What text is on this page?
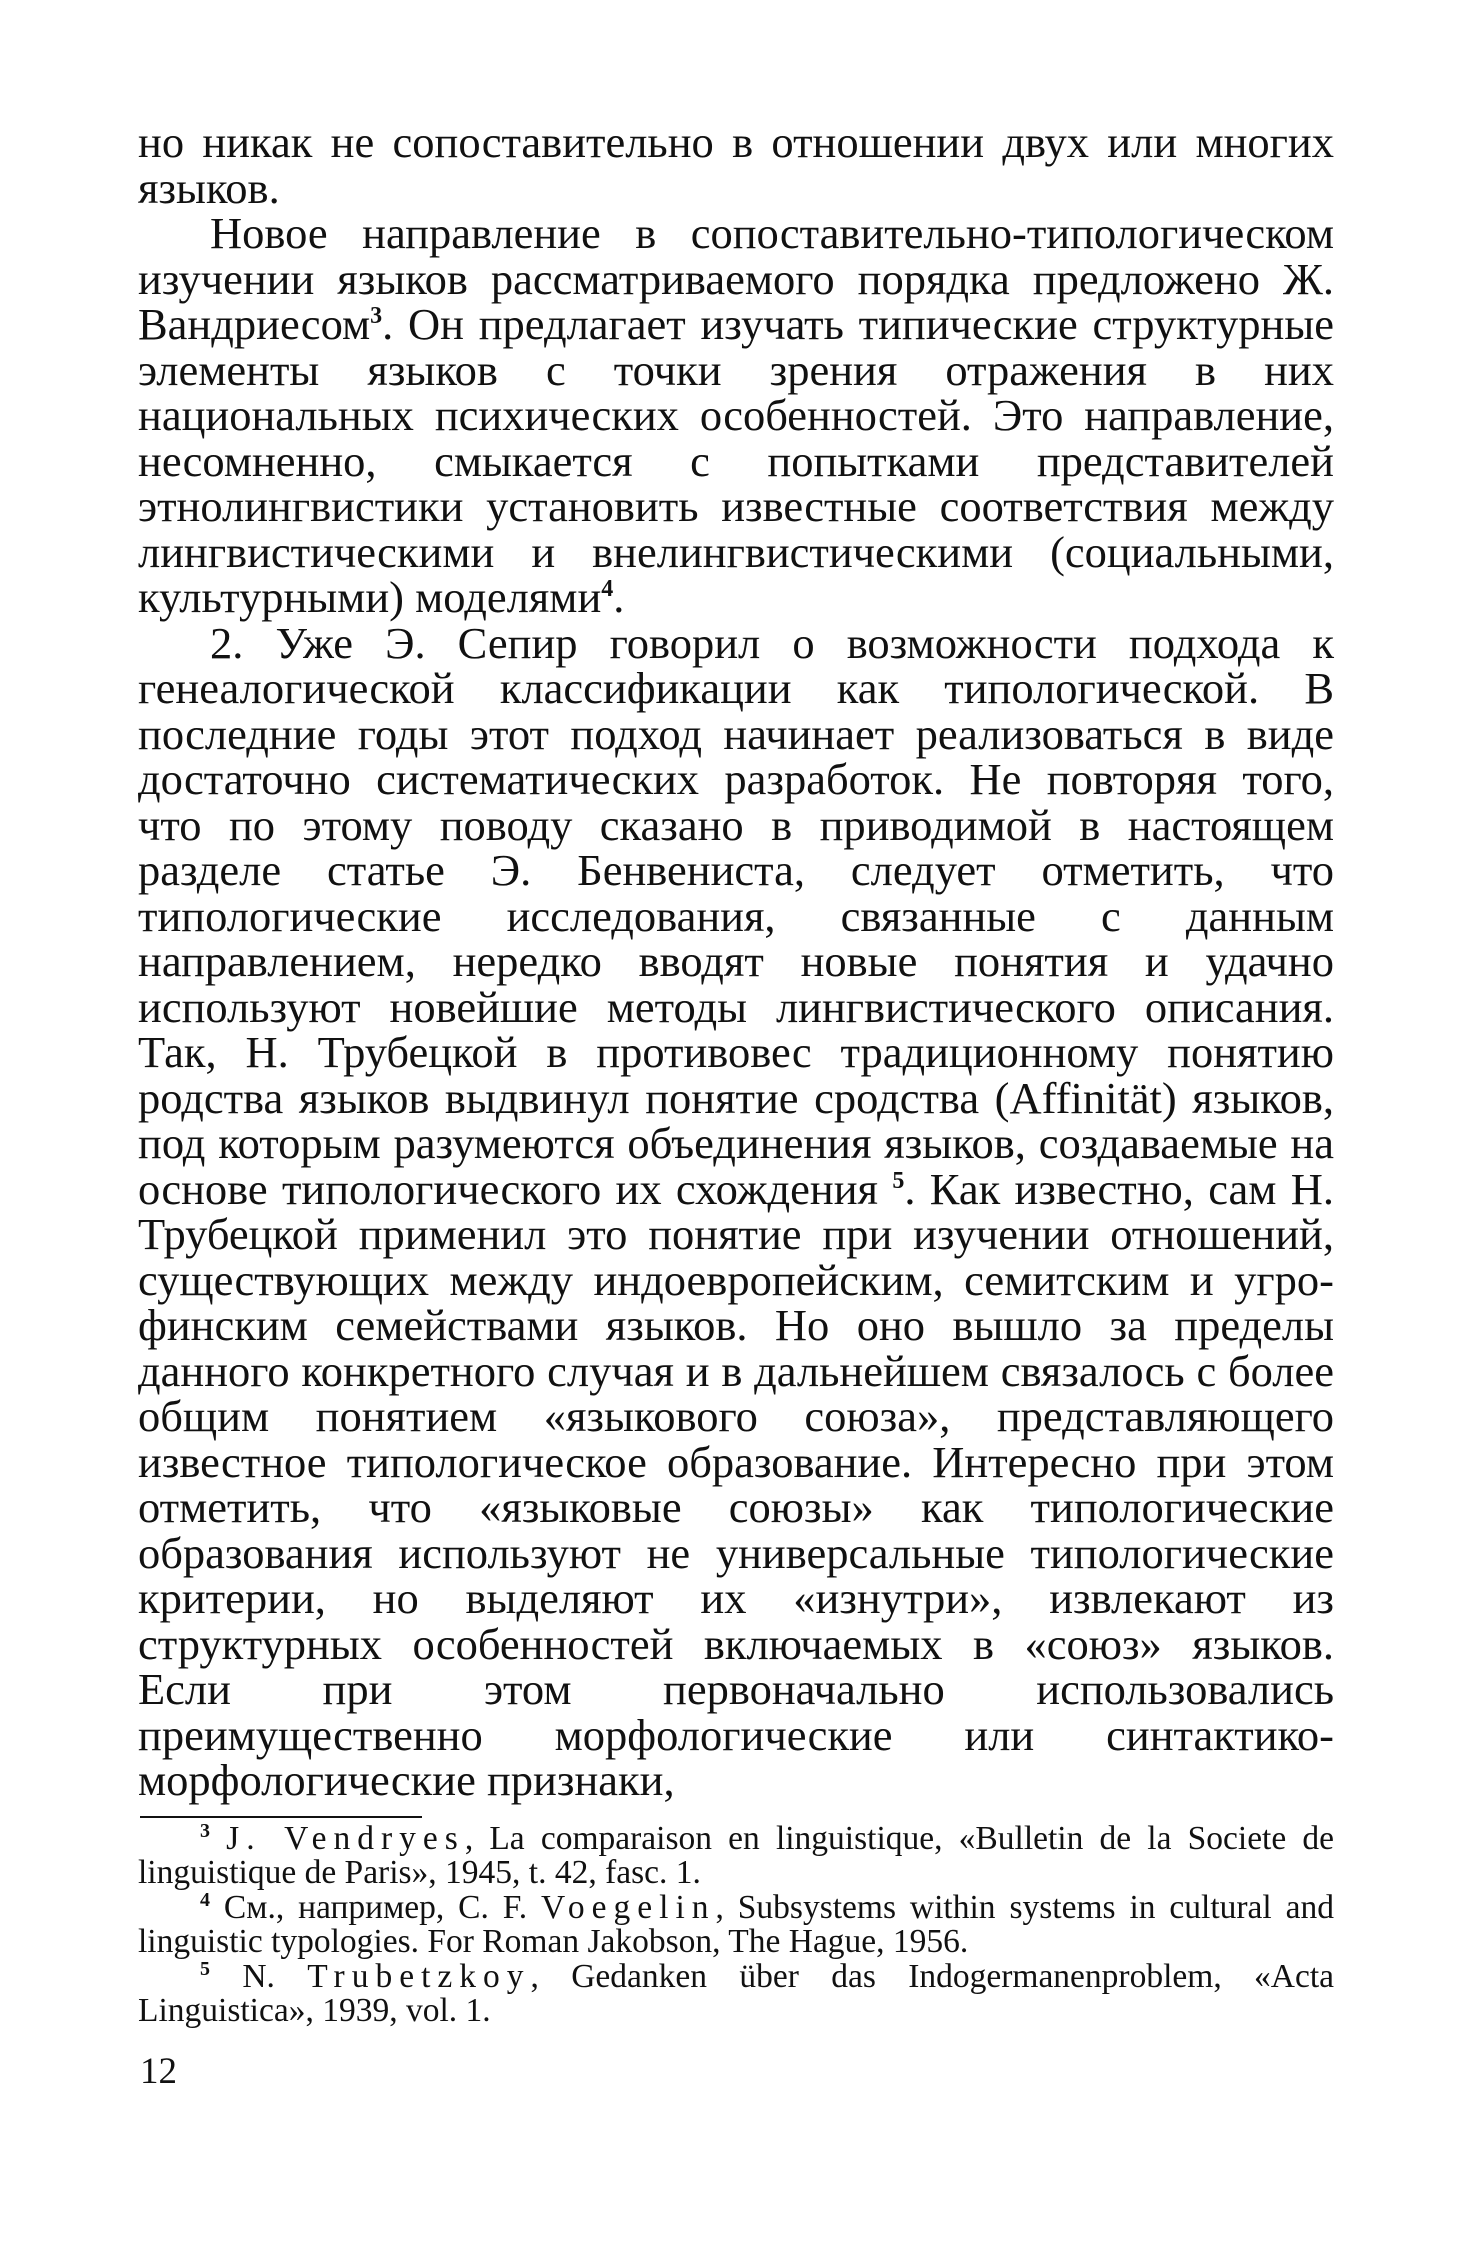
но никак не сопоставительно в отношении двух или многих языков.

Новое направление в сопоставительно-типологическом изучении языков рассматриваемого порядка предложено Ж. Вандриесом$^3$. Он предлагает изучать типические структурные элементы языков с точки зрения отражения в них национальных психических особенностей. Это направление, несомненно, смыкается с попытками представителей этнолингвистики установить известные соответствия между лингвистическими и внелингвистическими (социальными, культурными) моделями$^4$.

2. Уже Э. Сепир говорил о возможности подхода к генеалогической классификации как типологической. В последние годы этот подход начинает реализоваться в виде достаточно систематических разработок. Не повторяя того, что по этому поводу сказано в приводимой в настоящем разделе статье Э. Бенвениста, следует отметить, что типологические исследования, связанные с данным направлением, нередко вводят новые понятия и удачно используют новейшие методы лингвистического описания. Так, Н. Трубецкой в противовес традиционному понятию родства языков выдвинул понятие сродства (Affinität) языков, под которым разумеются объединения языков, создаваемые на основе типологического их схождения $^5$. Как известно, сам Н. Трубецкой применил это понятие при изучении отношений, существующих между индоевропейским, семитским и угро-финским семействами языков. Но оно вышло за пределы данного конкретного случая и в дальнейшем связалось с более общим понятием «языкового союза», представляющего известное типологическое образование. Интересно при этом отметить, что «языковые союзы» как типологические образования используют не универсальные типологические критерии, но выделяют их «изнутри», извлекают из структурных особенностей включаемых в «союз» языков. Если при этом первоначально использовались преимущественно морфологические или синтактико-морфологические признаки,

$^3$ J. Vendryes, La comparaison en linguistique, «Bulletin de la Societe de linguistique de Paris», 1945, t. 42, fasc. 1.

$^4$ См., например, C. F. Voegelin, Subsystems within systems in cultural and linguistic typologies. For Roman Jakobson, The Hague, 1956.

$^5$ N. Trubetzkoy, Gedanken über das Indogermanenproblem, «Acta Linguistica», 1939, vol. 1.

12
